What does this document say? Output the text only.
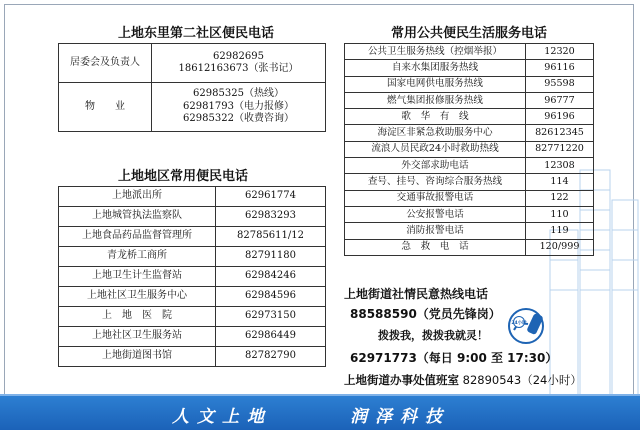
上地东里第二社区便民电话
居委会及负责人	62982695
18612163673（张书记）

物　　业	62985325（热线）
62981793（电力报修）
62985322（收费咨询）
上地地区常用便民电话
上地派出所	62961774
上地城管执法监察队	62983293
上地食品药品监督管理所	82785611/12
青龙桥工商所	82791180
上地卫生计生监督站	62984246
上地社区卫生服务中心	62984596
上　地　医　院	62973150
上地社区卫生服务站	62986449
上地街道图书馆	82782790
常用公共便民生活服务电话
公共卫生服务热线（控烟举报）	12320
自来水集团服务热线	96116
国家电网供电服务热线	95598
燃气集团报修服务热线	96777
歌　华　有　线	96196
海淀区非紧急救助服务中心	82612345
流浪人员民政24小时救助热线	82771220
外交部求助电话	12308
查号、挂号、咨询综合服务热线	114
交通事故报警电话	122
公安报警电话	110
消防报警电话	119
急　救　电　话	120/999
上地街道社情民意热线电话
88588590（党员先锋岗）
拨拨我，拨拨我就灵！
62971773（每日 9:00 至 17:30）
上地街道办事处值班室 82890543（24小时）
24小时
人文上地	润泽科技
